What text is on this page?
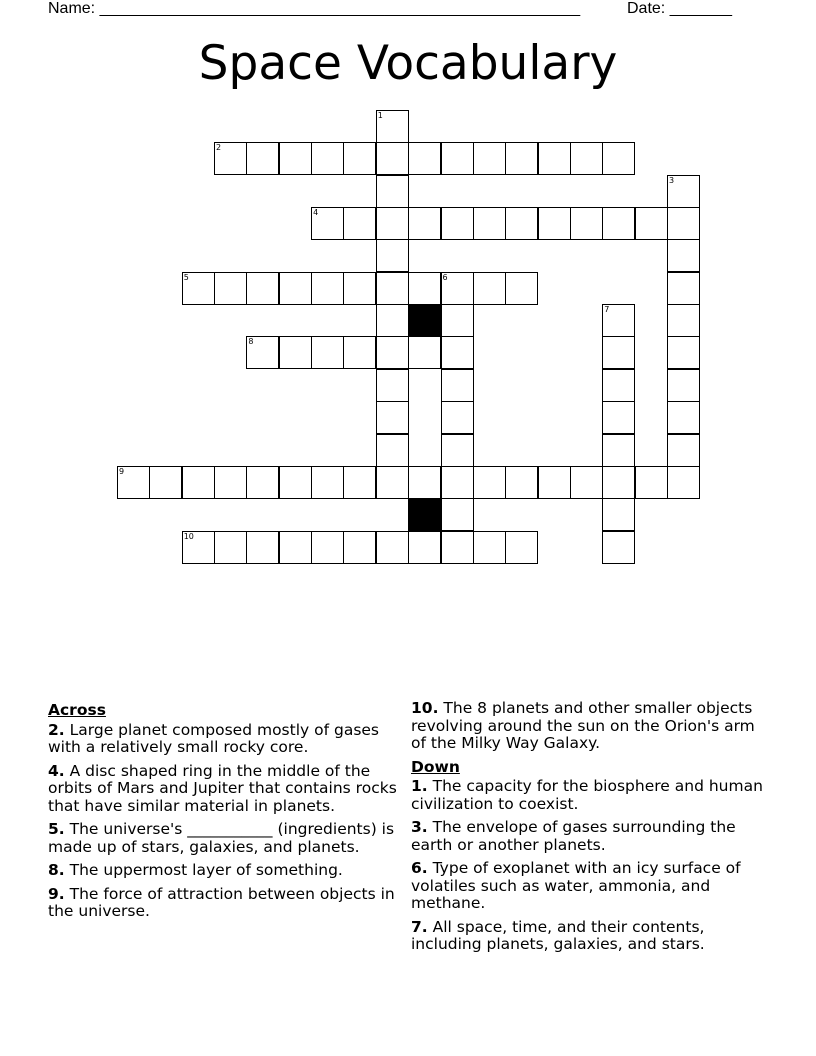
Name: ______________________________________________________	Date: _______
Space Vocabulary
1
2
3
4
5	6
7
8
9
10
Across
2. Large planet composed mostly of gases with a relatively small rocky core.
4. A disc shaped ring in the middle of the orbits of Mars and Jupiter that contains rocks that have similar material in planets.
5. The universe's ___________ (ingredients) is made up of stars, galaxies, and planets.
8. The uppermost layer of something.
9. The force of attraction between objects in the universe.
10. The 8 planets and other smaller objects revolving around the sun on the Orion's arm of the Milky Way Galaxy.
Down
1. The capacity for the biosphere and human civilization to coexist.
3. The envelope of gases surrounding the earth or another planets.
6. Type of exoplanet with an icy surface of volatiles such as water, ammonia, and methane.
7. All space, time, and their contents, including planets, galaxies, and stars.
